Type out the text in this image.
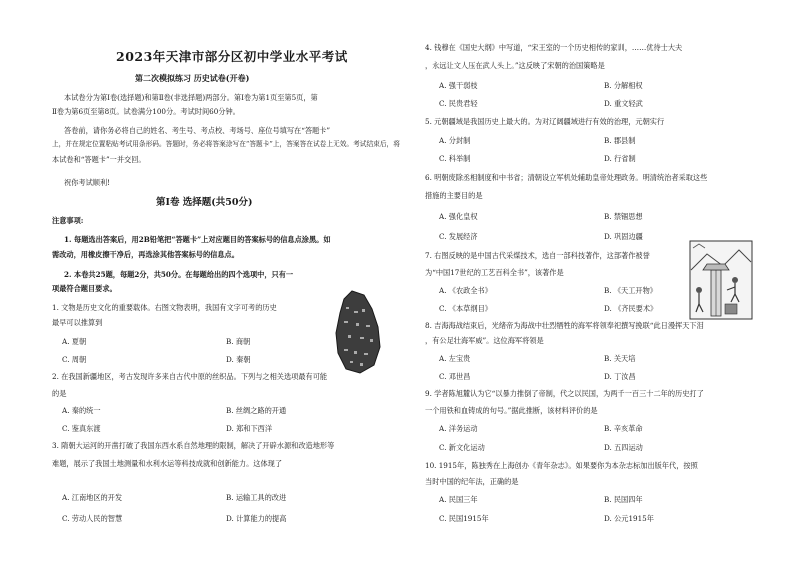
2023年天津市部分区初中学业水平考试
第二次模拟练习 历史试卷(开卷)
本试卷分为第Ⅰ卷(选择题)和第Ⅱ卷(非选择题)两部分。第Ⅰ卷为第1页至第5页，第
Ⅱ卷为第6页至第8页。试卷满分100分。考试时间60分钟。
答卷前，请你务必将自己的姓名、考生号、考点校、考场号、座位号填写在“答题卡”
上，并在规定位置粘贴考试用条形码。答题时，务必将答案涂写在“答题卡”上，答案答在试卷上无效。考试结束后，将
本试卷和“答题卡”一并交回。
祝你考试顺利!
第Ⅰ卷 选择题(共50分)
注意事项:
1. 每题选出答案后，用2B铅笔把“答题卡”上对应题目的答案标号的信息点涂黑。如
需改动，用橡皮擦干净后，再选涂其他答案标号的信息点。
2. 本卷共25题，每题2分，共50分。在每题给出的四个选项中，只有一
项最符合题目要求。
1. 文物是历史文化的重要载体。右图文物表明，我国有文字可考的历史
最早可以推算到
A. 夏朝	B. 商朝
C. 周朝	D. 秦朝
2. 在我国新疆地区，考古发现许多来自古代中原的丝织品。下列与之相关选项最有可能
的是
A. 秦的统一	B. 丝绸之路的开通
C. 鉴真东渡	D. 郑和下西洋
3. 隋朝大运河的开凿打破了我国东西水系自然地理的限制，解决了开辟水源和改造地形等
难题，展示了我国土地测量和水利水运等科技成就和创新能力。这体现了
A. 江南地区的开发	B. 运输工具的改进
C. 劳动人民的智慧	D. 计算能力的提高
4. 钱穆在《国史大纲》中写道，“宋王室的一个历史相传的家训，……优待士大夫
，永远让文人压在武人头上。”这反映了宋朝的治国策略是
A. 强干弱枝	B. 分解相权
C. 民贵君轻	D. 重文轻武
5. 元朝疆域是我国历史上最大的。为对辽阔疆域进行有效的治理，元朝实行
A. 分封制	B. 郡县制
C. 科举制	D. 行省制
6. 明朝废除丞相制度和中书省；清朝设立军机处辅助皇帝处理政务。明清统治者采取这些
措施的主要目的是
A. 强化皇权	B. 禁锢思想
C. 发展经济	D. 巩固边疆
7. 右图反映的是中国古代采煤技术，选自一部科技著作，这部著作被誉
为“中国17世纪的工艺百科全书”，该著作是
A. 《农政全书》	B. 《天工开物》
C. 《本草纲目》	D. 《齐民要术》
8. 吉海海战结束后，光绪帝为海战中壮烈牺牲的海军将领奉祀撰写挽联“此日漫挥天下泪
，有公足壮海军威”。这位海军将领是
A. 左宝贵	B. 关天培
C. 邓世昌	D. 丁汝昌
9. 学者陈旭麓认为它“以暴力推倒了帝制，代之以民国，为两千一百三十二年的历史打了
一个用铁和血铸成的句号。”据此推断，该材料评价的是
A. 洋务运动	B. 辛亥革命
C. 新文化运动	D. 五四运动
10. 1915年，陈独秀在上海创办《青年杂志》。如果要你为本杂志标加出版年代，按照
当时中国的纪年法，正确的是
A. 民国三年	B. 民国四年
C. 民国1915年	D. 公元1915年
